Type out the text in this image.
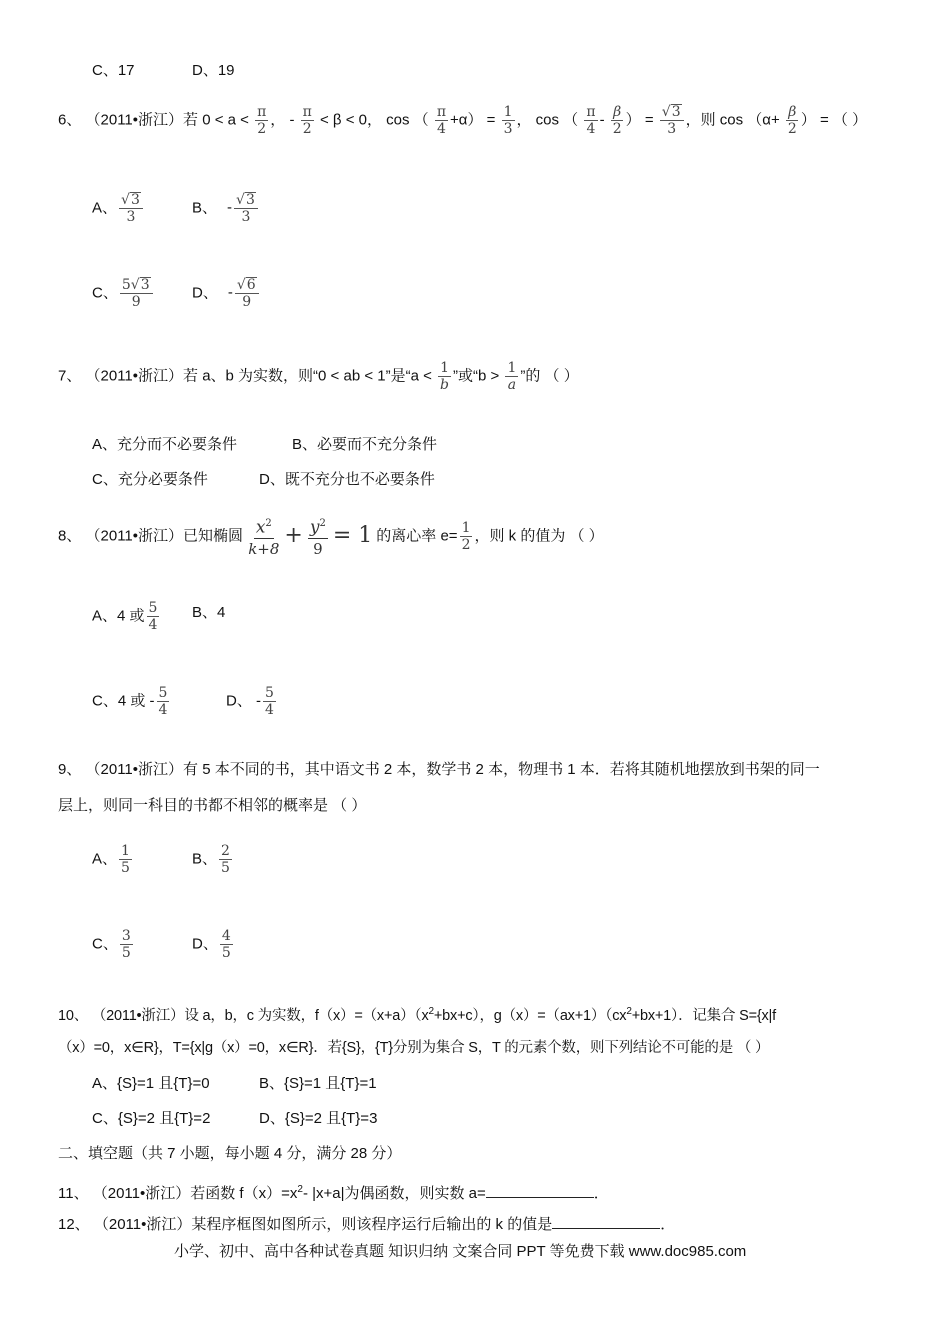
C、17	D、19
6、 （2011•浙江）若 $0 < a < \frac{\pi}{2}$ ， - $\frac{\pi}{2} < \beta < 0$， cos （ $\frac{\pi}{4} +\alpha) = \frac{1}{3}$ ， cos （ $\frac{\pi}{4} - \frac{\beta}{2}$ ） = $\frac{√ 3}{3}$ ，则 $\cos (\alpha+ \frac{\beta}{2}$ ） = （ ）
A、 $\frac{√ 3}{3}$	B、 - $\frac{√ 3}{3}$
C、 $\frac{5 √ 3}{9}$	D、 - $\frac{√ 6}{9}$
7、 （2011•浙江）若 a、b 为实数，则“0 < ab < 1”是“$a < \frac{1}{b}$ ”或“$b > \frac{1}{a}$ ”的 （ ）
A、充分而不必要条件	B、必要而不充分条件
C、充分必要条件	D、既不充分也不必要条件
8、 （2011•浙江）已知椭圆 $\frac{x^2}{k+8} + \frac{y^2}{9} = 1$ 的离心率 $e= \frac{1}{2}$ ，则 k 的值为 （ ）
A、4 或 $\frac{5}{4}$ B、4
C、4 或 - $\frac{5}{4}$	D、 - $\frac{5}{4}$
9、 （2011•浙江）有 5 本不同的书，其中语文书 2 本，数学书 2 本，物理书 1 本．若将其随机地摆放到书架的同一
层上，则同一科目的书都不相邻的概率是 （ ）
A、 $\frac{1}{5}$	B、 $\frac{2}{5}$
C、 $\frac{3}{5}$	D、 $\frac{4}{5}$
10、 （2011•浙江）设 a，b，c 为实数，$f(x)=(x+a)(x^2+bx+c)$，$g(x)=(ax+1)(cx^2+bx+1)$．记集合 S={x|f
（x）=0，x∈R}，T={x|g（x）=0，x∈R}．若{S}，{T}分别为集合 S，T 的元素个数，则下列结论不可能的是 （ ）
A、{S}=1 且{T}=0	B、{S}=1 且{T}=1
C、{S}=2 且{T}=2	D、{S}=2 且{T}=3
二、填空题（共 7 小题，每小题 4 分，满分 28 分）
11、 （2011•浙江）若函数 $f(x)=x^2-$ |x+a|为偶函数，则实数 a=	．
12、 （2011•浙江）某程序框图如图所示，则该程序运行后输出的 k 的值是	．
小学、初中、高中各种试卷真题 知识归纳 文案合同 PPT 等免费下载 www.doc985.com
